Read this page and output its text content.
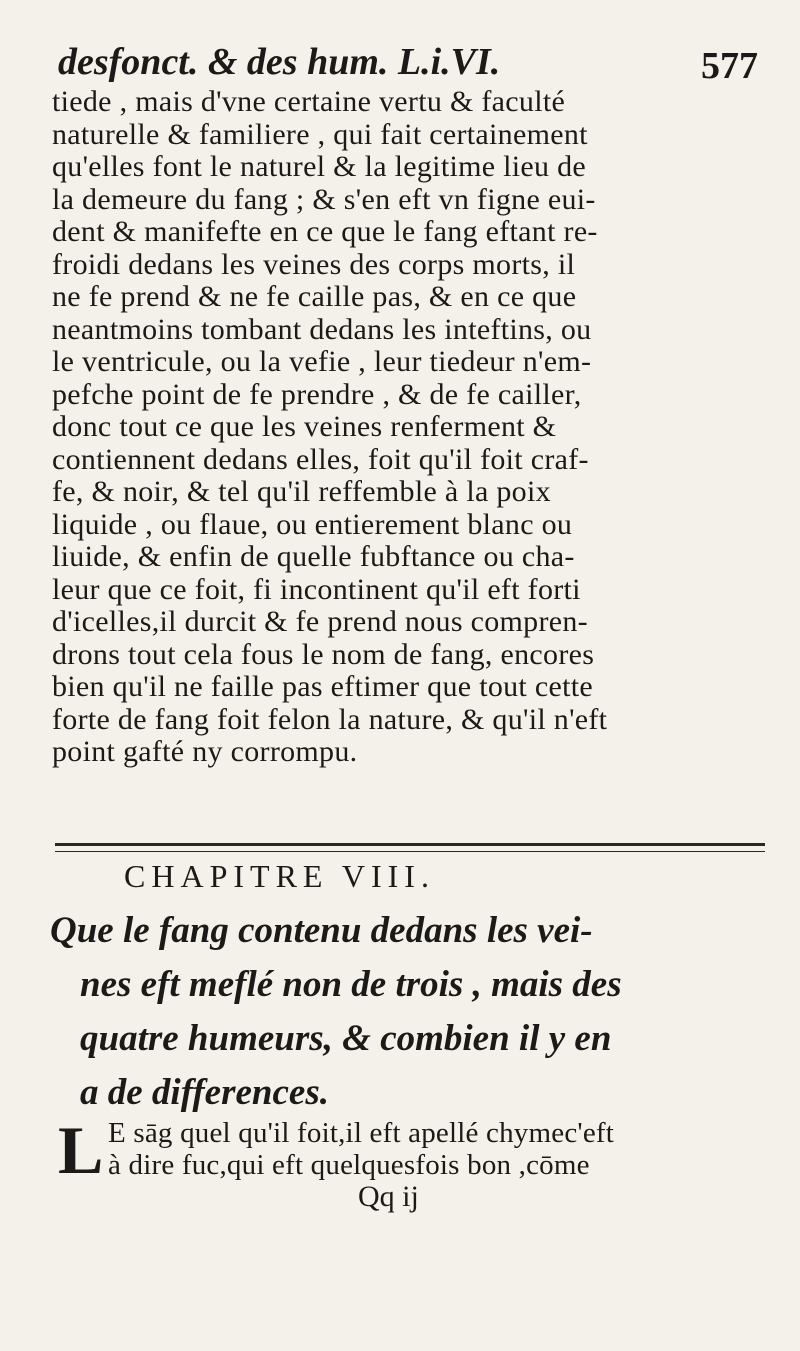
desfonct. & des hum. L.i.VI.	577
tiede , mais d'vne certaine vertu & faculté
naturelle & familiere , qui fait certainement
qu'elles font le naturel & la legitime lieu de
la demeure du fang ; & s'en eft vn figne eui-
dent & manifefte en ce que le fang eftant re-
froidi dedans les veines des corps morts, il
ne fe prend & ne fe caille pas, & en ce que
neantmoins tombant dedans les inteftins, ou
le ventricule, ou la vefie , leur tiedeur n'em-
pefche point de fe prendre , & de fe cailler,
donc tout ce que les veines renferment &
contiennent dedans elles, foit qu'il foit craf-
fe, & noir, & tel qu'il reffemble à la poix
liquide , ou flaue, ou entierement blanc ou
liuide, & enfin de quelle fubftance ou cha-
leur que ce foit, fi incontinent qu'il eft forti
d'icelles,il durcit & fe prend nous compren-
drons tout cela fous le nom de fang, encores
bien qu'il ne faille pas eftimer que tout cette
forte de fang foit felon la nature, & qu'il n'eft
point gafté ny corrompu.
CHAPITRE VIII.
Que le fang contenu dedans les vei-
nes eft meflé non de trois , mais des
quatre humeurs, & combien il y en
a de differences.
L E sāg quel qu'il foit,il eft apellé chymec'eft
à dire fuc,qui eft quelquesfois bon ,cōme
Qq ij
